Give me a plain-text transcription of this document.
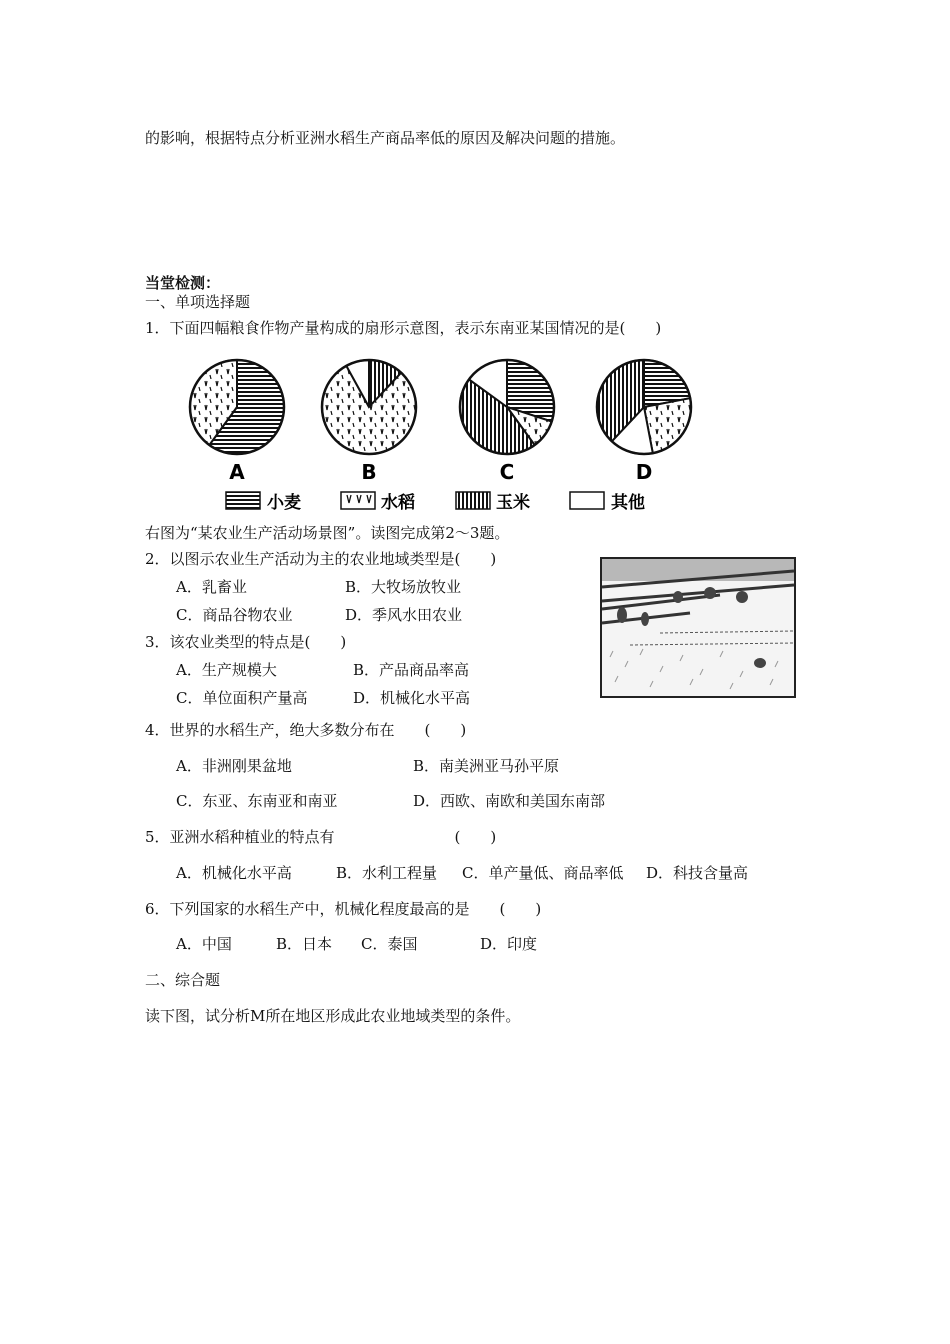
的影响，根据特点分析亚洲水稻生产商品率低的原因及解决问题的措施。
当堂检测：
一、单项选择题
1．下面四幅粮食作物产量构成的扇形示意图，表示东南亚某国情况的是(　　)
A	B	C	D
小麦	水稻	玉米	其他
右图为“某农业生产活动场景图”。读图完成第2～3题。
2．以图示农业生产活动为主的农业地域类型是(　　)
A．乳畜业	B．大牧场放牧业
C．商品谷物农业	D．季风水田农业
3．该农业类型的特点是(　　)
A．生产规模大	B．产品商品率高
C．单位面积产量高	D．机械化水平高
4．世界的水稻生产，绝大多数分布在　　(　　)
A．非洲刚果盆地	B．南美洲亚马孙平原
C．东亚、东南亚和南亚	D．西欧、南欧和美国东南部
5．亚洲水稻种植业的特点有　　　　　　　　(　　)
A．机械化水平高	B．水利工程量 C．单产量低、商品率低 D．科技含量高
6．下列国家的水稻生产中，机械化程度最高的是　　(　　)
A．中国	B．日本 C．泰国	D．印度
二、综合题
读下图，试分析M所在地区形成此农业地域类型的条件。
